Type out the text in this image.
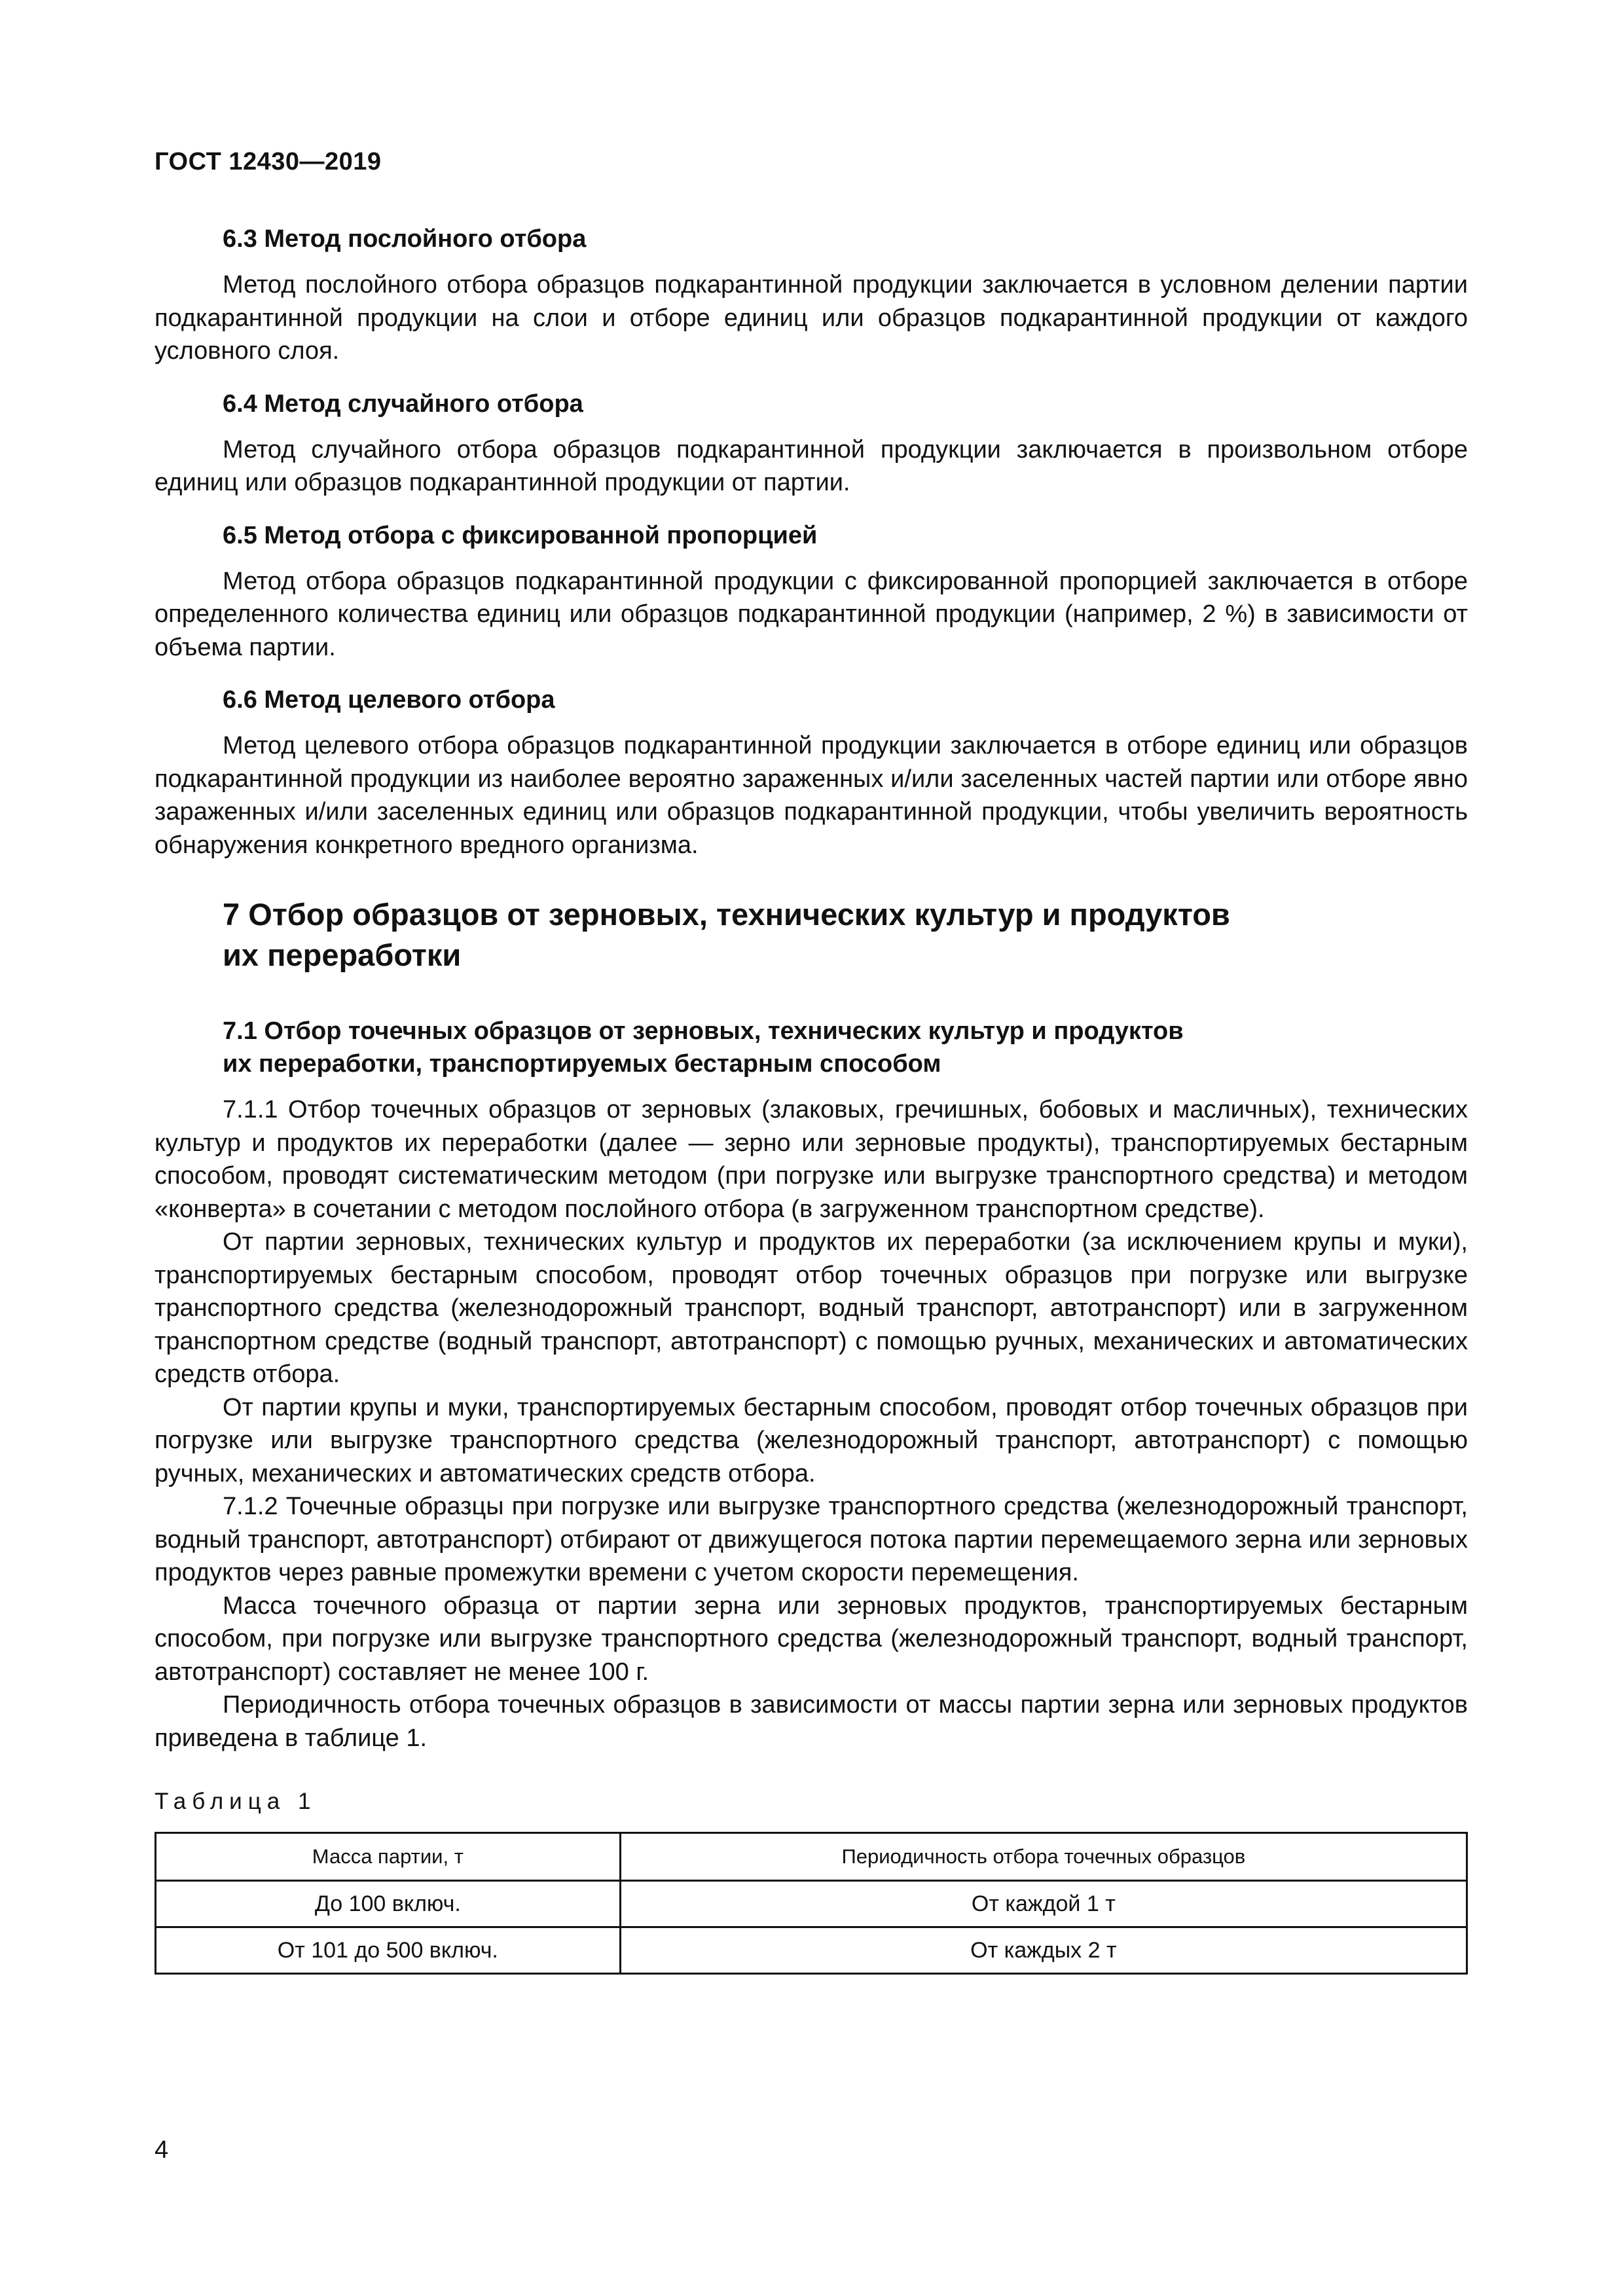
ГОСТ 12430—2019
6.3 Метод послойного отбора

Метод послойного отбора образцов подкарантинной продукции заключается в условном делении партии подкарантинной продукции на слои и отборе единиц или образцов подкарантинной продукции от каждого условного слоя.

6.4 Метод случайного отбора

Метод случайного отбора образцов подкарантинной продукции заключается в произвольном отборе единиц или образцов подкарантинной продукции от партии.

6.5 Метод отбора с фиксированной пропорцией

Метод отбора образцов подкарантинной продукции с фиксированной пропорцией заключается в отборе определенного количества единиц или образцов подкарантинной продукции (например, 2 %) в зависимости от объема партии.

6.6 Метод целевого отбора

Метод целевого отбора образцов подкарантинной продукции заключается в отборе единиц или образцов подкарантинной продукции из наиболее вероятно зараженных и/или заселенных частей партии или отборе явно зараженных и/или заселенных единиц или образцов подкарантинной продукции, чтобы увеличить вероятность обнаружения конкретного вредного организма.

7 Отбор образцов от зерновых, технических культур и продуктов
их переработки
7.1 Отбор точечных образцов от зерновых, технических культур и продуктов
их переработки, транспортируемых бестарным способом

7.1.1 Отбор точечных образцов от зерновых (злаковых, гречишных, бобовых и масличных), технических культур и продуктов их переработки (далее — зерно или зерновые продукты), транспортируемых бестарным способом, проводят систематическим методом (при погрузке или выгрузке транспортного средства) и методом «конверта» в сочетании с методом послойного отбора (в загруженном транспортном средстве).

От партии зерновых, технических культур и продуктов их переработки (за исключением крупы и муки), транспортируемых бестарным способом, проводят отбор точечных образцов при погрузке или выгрузке транспортного средства (железнодорожный транспорт, водный транспорт, автотранспорт) или в загруженном транспортном средстве (водный транспорт, автотранспорт) с помощью ручных, механических и автоматических средств отбора.

От партии крупы и муки, транспортируемых бестарным способом, проводят отбор точечных образцов при погрузке или выгрузке транспортного средства (железнодорожный транспорт, автотранспорт) с помощью ручных, механических и автоматических средств отбора.

7.1.2 Точечные образцы при погрузке или выгрузке транспортного средства (железнодорожный транспорт, водный транспорт, автотранспорт) отбирают от движущегося потока партии перемещаемого зерна или зерновых продуктов через равные промежутки времени с учетом скорости перемещения.

Масса точечного образца от партии зерна или зерновых продуктов, транспортируемых бестарным способом, при погрузке или выгрузке транспортного средства (железнодорожный транспорт, водный транспорт, автотранспорт) составляет не менее 100 г.

Периодичность отбора точечных образцов в зависимости от массы партии зерна или зерновых продуктов приведена в таблице 1.

Таблица 1
Масса партии, т	Периодичность отбора точечных образцов
До 100 включ.	От каждой 1 т
От 101 до 500 включ.	От каждых 2 т
4
